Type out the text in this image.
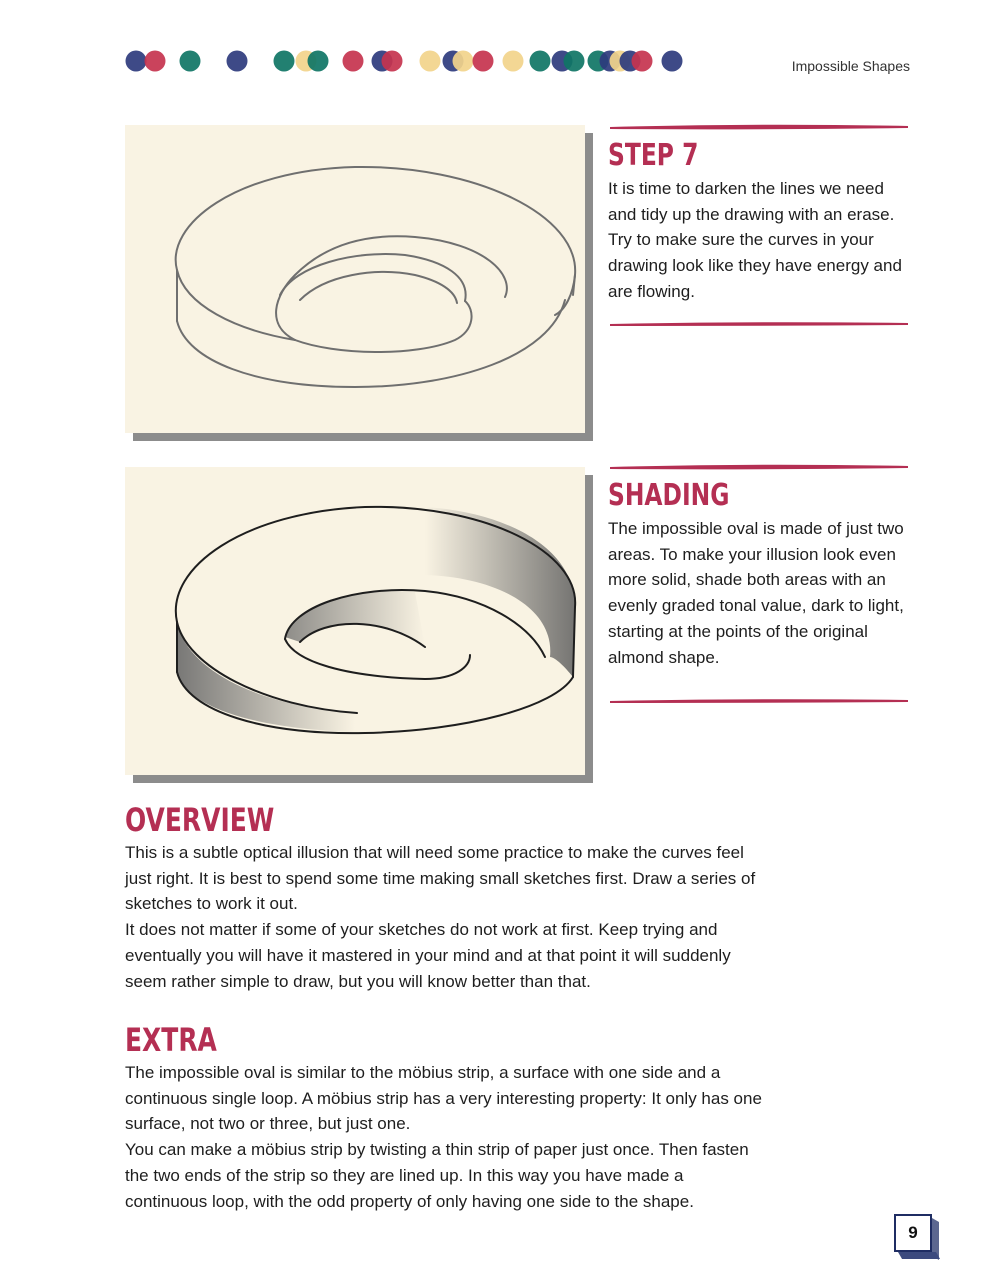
Impossible Shapes
STEP 7

It is time to darken the lines we need and tidy up the drawing with an erase. Try to make sure the curves in your drawing look like they have energy and are flowing.

SHADING

The impossible oval is made of just two areas. To make your illusion look even more solid, shade both areas with an evenly graded tonal value, dark to light, starting at the points of the original almond shape.

OVERVIEW

This is a subtle optical illusion that will need some practice to make the curves feel just right. It is best to spend some time making small sketches first. Draw a series of sketches to work it out.

It does not matter if some of your sketches do not work at first. Keep trying and eventually you will have it mastered in your mind and at that point it will suddenly seem rather simple to draw, but you will know better than that.

EXTRA

The impossible oval is similar to the möbius strip, a surface with one side and a continuous single loop. A möbius strip has a very interesting property: It only has one surface, not two or three, but just one.

You can make a möbius strip by twisting a thin strip of paper just once. Then fasten the two ends of the strip so they are lined up. In this way you have made a continuous loop, with the odd property of only having one side to the shape.

9
